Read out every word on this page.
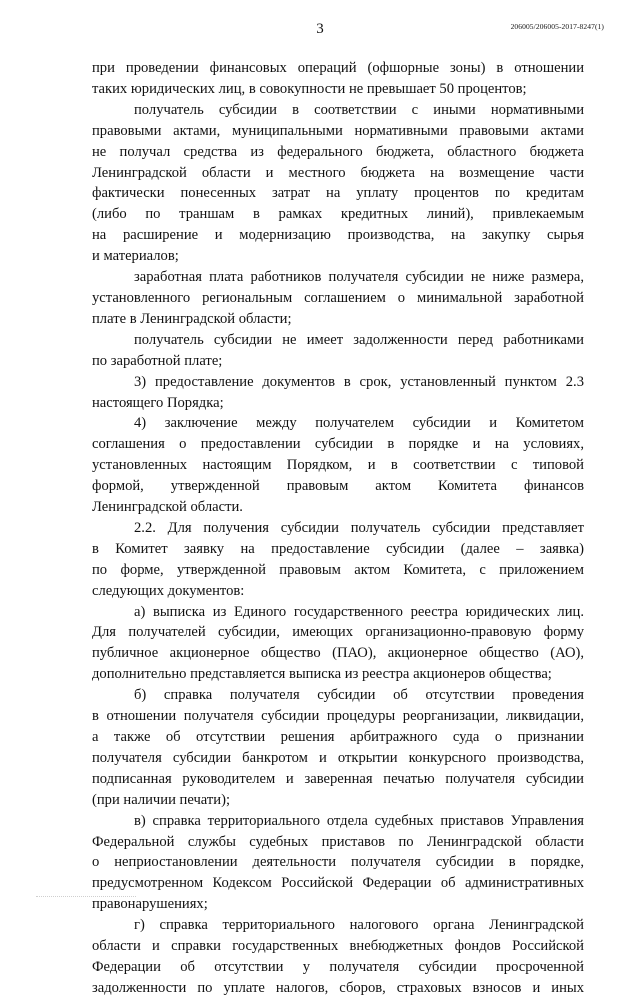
3	206005/206005-2017-8247(1)

при проведении финансовых операций (офшорные зоны) в отношении

таких юридических лиц, в совокупности не превышает 50 процентов;

получатель субсидии в соответствии с иными нормативными

правовыми актами, муниципальными нормативными правовыми актами

не получал средства из федерального бюджета, областного бюджета

Ленинградской области и местного бюджета на возмещение части

фактически понесенных затрат на уплату процентов по кредитам

(либо по траншам в рамках кредитных линий), привлекаемым

на расширение и модернизацию производства, на закупку сырья

и материалов;

заработная плата работников получателя субсидии не ниже размера,

установленного региональным соглашением о минимальной заработной

плате в Ленинградской области;

получатель субсидии не имеет задолженности перед работниками

по заработной плате;

3) предоставление документов в срок, установленный пунктом 2.3

настоящего Порядка;

4) заключение между получателем субсидии и Комитетом

соглашения о предоставлении субсидии в порядке и на условиях,

установленных настоящим Порядком, и в соответствии с типовой

формой, утвержденной правовым актом Комитета финансов

Ленинградской области.

2.2. Для получения субсидии получатель субсидии представляет

в Комитет заявку на предоставление субсидии (далее – заявка)

по форме, утвержденной правовым актом Комитета, с приложением

следующих документов:

а) выписка из Единого государственного реестра юридических лиц.

Для получателей субсидии, имеющих организационно-правовую форму

публичное акционерное общество (ПАО), акционерное общество (АО),

дополнительно представляется выписка из реестра акционеров общества;

б) справка получателя субсидии об отсутствии проведения

в отношении получателя субсидии процедуры реорганизации, ликвидации,

а также об отсутствии решения арбитражного суда о признании

получателя субсидии банкротом и открытии конкурсного производства,

подписанная руководителем и заверенная печатью получателя субсидии

(при наличии печати);

в) справка территориального отдела судебных приставов Управления

Федеральной службы судебных приставов по Ленинградской области

о неприостановлении деятельности получателя субсидии в порядке,

предусмотренном Кодексом Российской Федерации об административных

правонарушениях;

г) справка территориального налогового органа Ленинградской

области и справки государственных внебюджетных фондов Российской

Федерации об отсутствии у получателя субсидии просроченной

задолженности по уплате налогов, сборов, страховых взносов и иных
